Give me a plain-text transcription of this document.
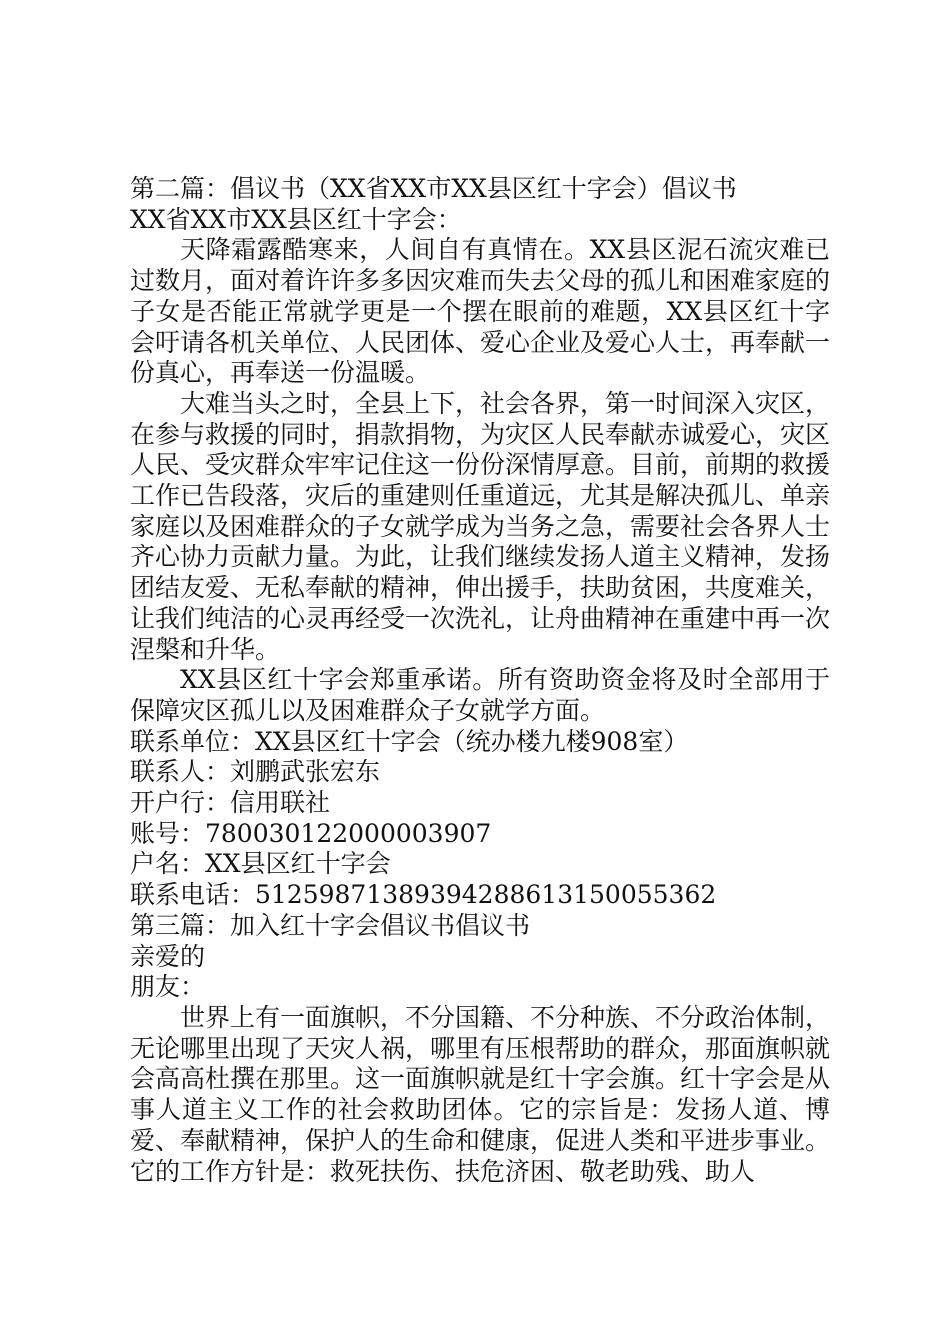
第二篇：倡议书（XX省XX市XX县区红十字会）倡议书

XX省XX市XX县区红十字会：

天降霜露酷寒来，人间自有真情在。XX县区泥石流灾难已过数月，面对着许许多多因灾难而失去父母的孤儿和困难家庭的子女是否能正常就学更是一个摆在眼前的难题，XX县区红十字会吁请各机关单位、人民团体、爱心企业及爱心人士，再奉献一份真心，再奉送一份温暖。

大难当头之时，全县上下，社会各界，第一时间深入灾区，在参与救援的同时，捐款捐物，为灾区人民奉献赤诚爱心，灾区人民、受灾群众牢牢记住这一份份深情厚意。目前，前期的救援工作已告段落，灾后的重建则任重道远，尤其是解决孤儿、单亲家庭以及困难群众的子女就学成为当务之急，需要社会各界人士齐心协力贡献力量。为此，让我们继续发扬人道主义精神，发扬团结友爱、无私奉献的精神，伸出援手，扶助贫困，共度难关，让我们纯洁的心灵再经受一次洗礼，让舟曲精神在重建中再一次涅槃和升华。

XX县区红十字会郑重承诺。所有资助资金将及时全部用于保障灾区孤儿以及困难群众子女就学方面。

联系单位：XX县区红十字会（统办楼九楼908室）

联系人：刘鹏武张宏东

开户行：信用联社

账号：780030122000003907

户名：XX县区红十字会

联系电话：51259871389394288613150055362

第三篇：加入红十字会倡议书倡议书

亲爱的

朋友：

世界上有一面旗帜，不分国籍、不分种族、不分政治体制，无论哪里出现了天灾人祸，哪里有压根帮助的群众，那面旗帜就会高高杜撰在那里。这一面旗帜就是红十字会旗。红十字会是从事人道主义工作的社会救助团体。它的宗旨是：发扬人道、博爱、奉献精神，保护人的生命和健康，促进人类和平进步事业。它的工作方针是：救死扶伤、扶危济困、敬老助残、助人
